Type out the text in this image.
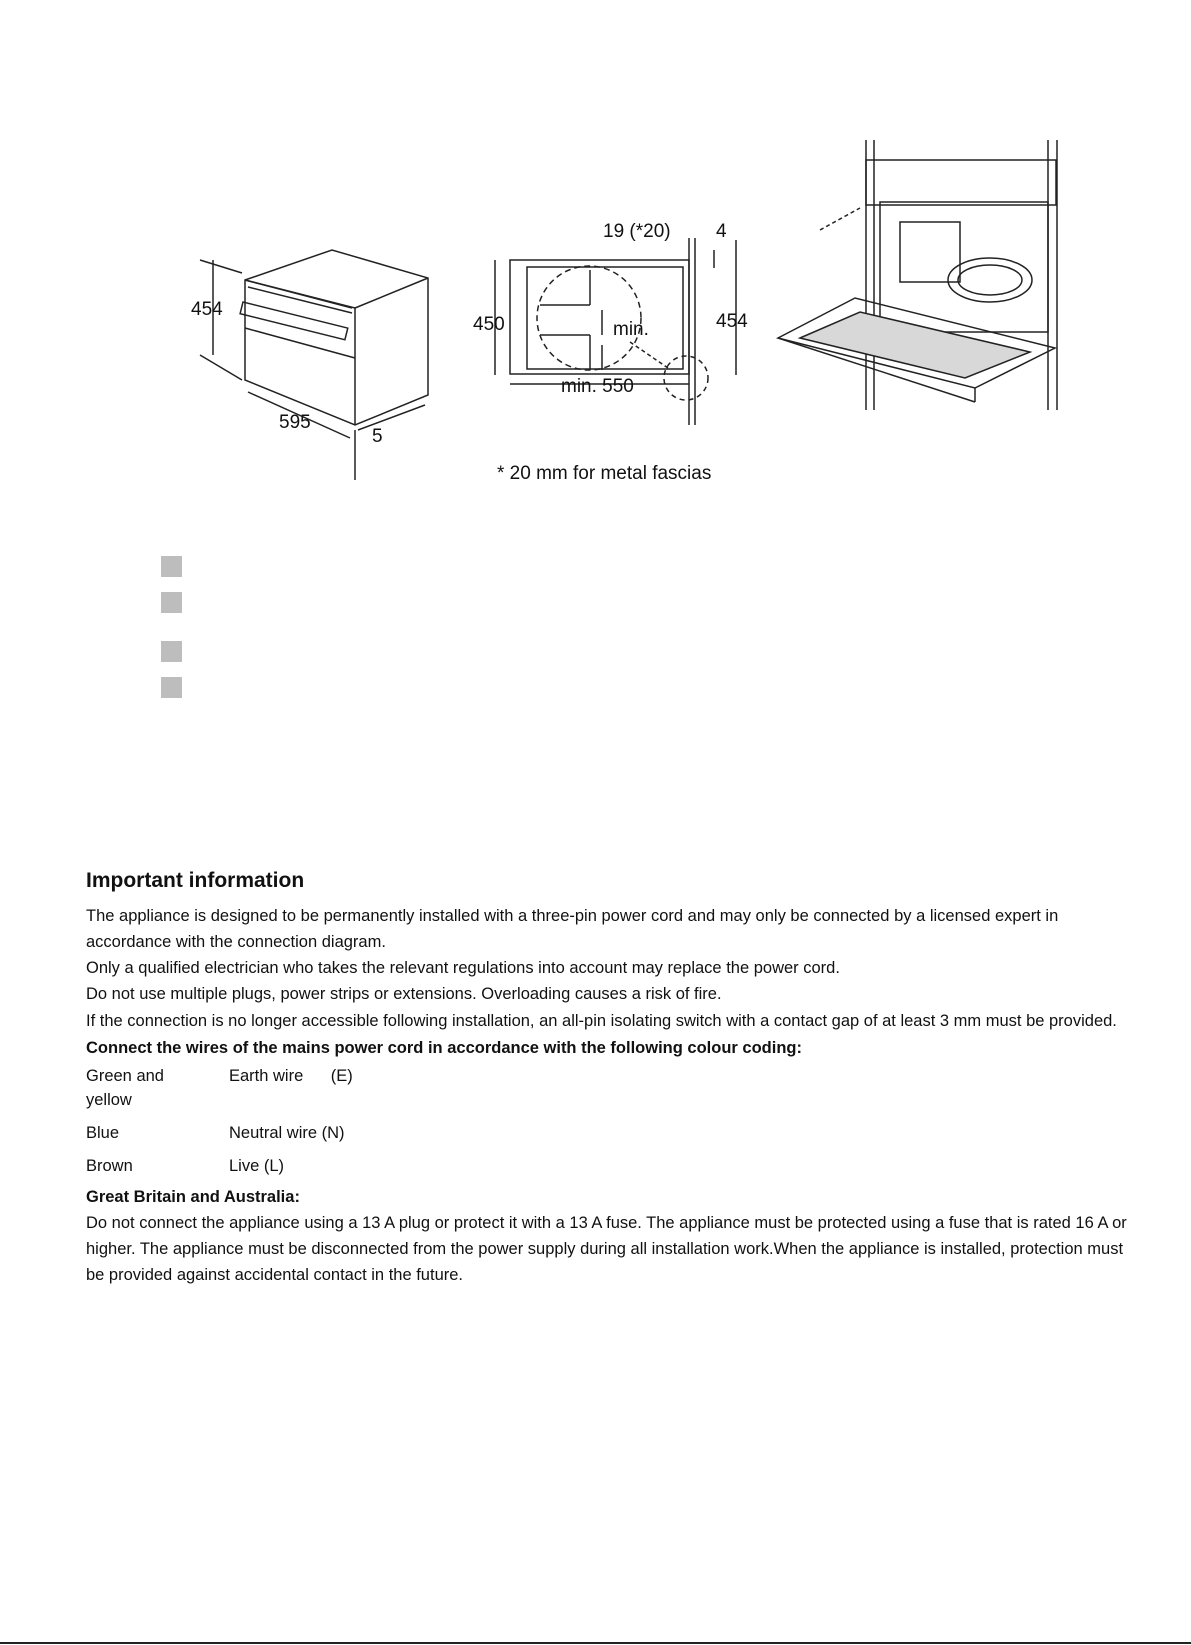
454
595
5
450
19 (*20) 4
454
min. 550
min.
* 20 mm for metal fascias
Important information

The appliance is designed to be permanently installed with a three-pin power cord and may only be connected by a licensed expert in accordance with the connection diagram.

Only a qualified electrician who takes the relevant regulations into account may replace the power cord.

Do not use multiple plugs, power strips or extensions. Overloading causes a risk of fire.

If the connection is no longer accessible following installation, an all-pin isolating switch with a contact gap of at least 3 mm must be provided.

Connect the wires of the mains power cord in accordance with the following colour coding:

Green and yellow	Earth wire      (E)
Blue	Neutral wire (N)
Brown	Live (L)

Great Britain and Australia:

Do not connect the appliance using a 13 A plug or protect it with a 13 A fuse. The appliance must be protected using a fuse that is rated 16 A or higher. The appliance must be disconnected from the power supply during all installation work.When the appliance is installed, protection must be provided against accidental contact in the future.
